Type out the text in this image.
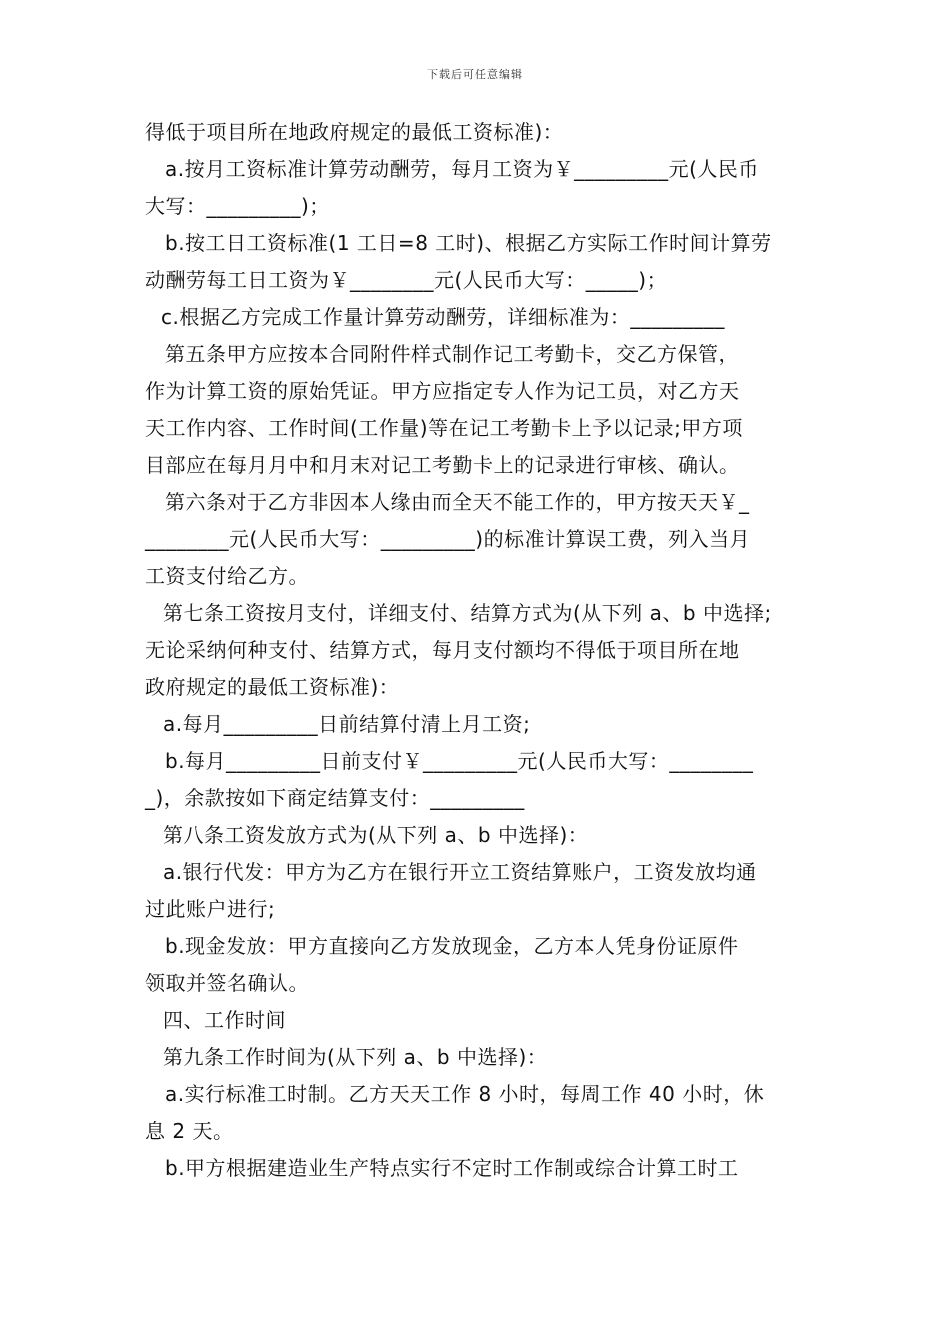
下载后可任意编辑
得低于项目所在地政府规定的最低工资标准)：
a.按月工资标准计算劳动酬劳，每月工资为￥_________元(人民币
大写：_________)；
b.按工日工资标准(1 工日=8 工时)、根据乙方实际工作时间计算劳
动酬劳每工日工资为￥________元(人民币大写：_____)；
c.根据乙方完成工作量计算劳动酬劳，详细标准为：_________
第五条甲方应按本合同附件样式制作记工考勤卡，交乙方保管，
作为计算工资的原始凭证。甲方应指定专人作为记工员，对乙方天
天工作内容、工作时间(工作量)等在记工考勤卡上予以记录;甲方项
目部应在每月月中和月末对记工考勤卡上的记录进行审核、确认。
第六条对于乙方非因本人缘由而全天不能工作的，甲方按天天￥_
________元(人民币大写：_________)的标准计算误工费，列入当月
工资支付给乙方。
第七条工资按月支付，详细支付、结算方式为(从下列 a、b 中选择;
无论采纳何种支付、结算方式，每月支付额均不得低于项目所在地
政府规定的最低工资标准)：
a.每月_________日前结算付清上月工资;
b.每月_________日前支付￥_________元(人民币大写：________
_)，余款按如下商定结算支付：_________
第八条工资发放方式为(从下列 a、b 中选择)：
a.银行代发：甲方为乙方在银行开立工资结算账户，工资发放均通
过此账户进行;
b.现金发放：甲方直接向乙方发放现金，乙方本人凭身份证原件
领取并签名确认。
四、工作时间
第九条工作时间为(从下列 a、b 中选择)：
a.实行标准工时制。乙方天天工作 8 小时，每周工作 40 小时，休
息 2 天。
b.甲方根据建造业生产特点实行不定时工作制或综合计算工时工
